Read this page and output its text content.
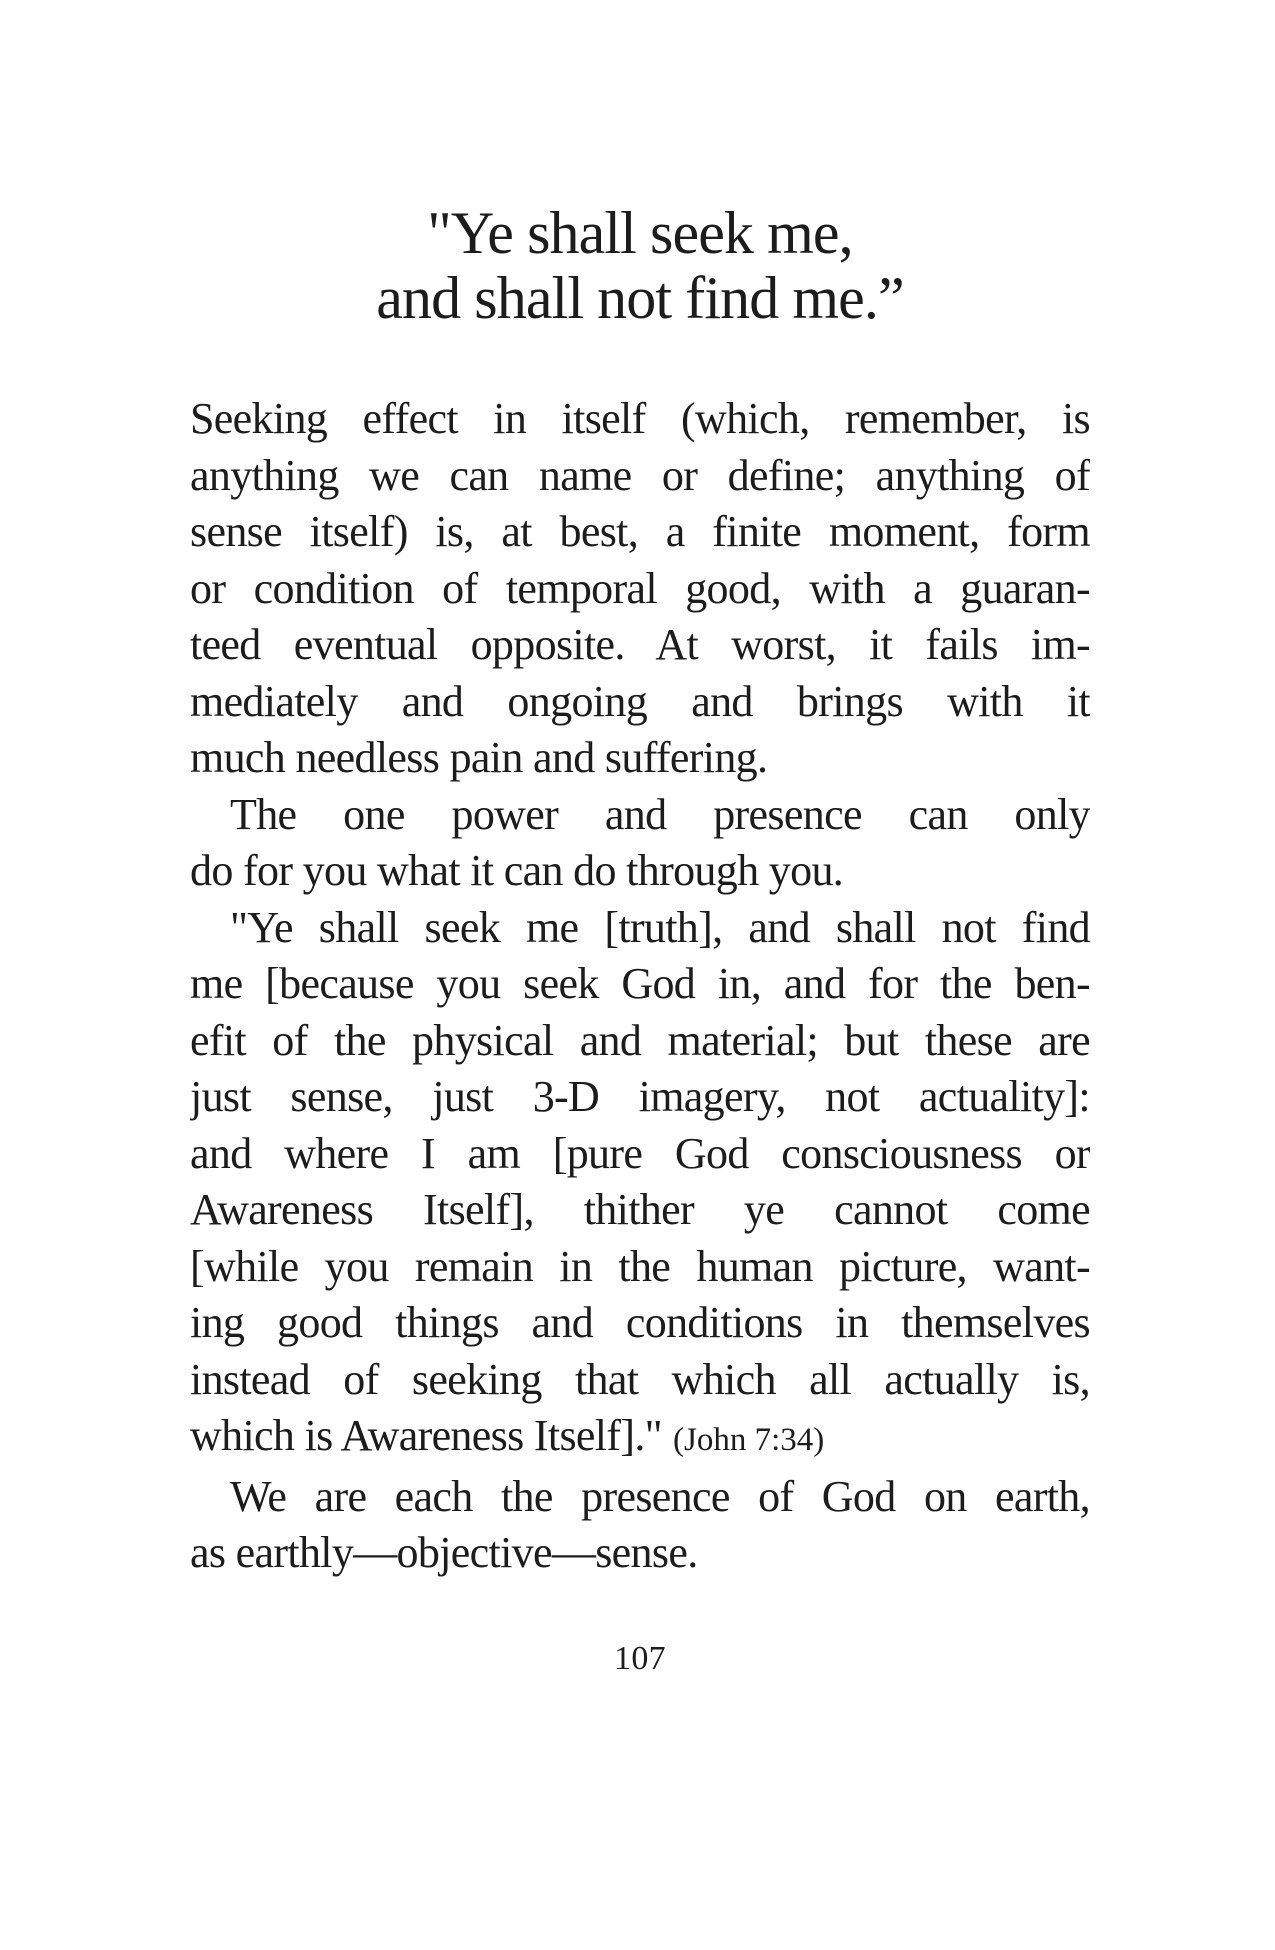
"Ye shall seek me,
and shall not find me.”
Seeking effect in itself (which, remember, is
anything we can name or define; anything of
sense itself) is, at best, a finite moment, form
or condition of temporal good, with a guaran-
teed eventual opposite. At worst, it fails im-
mediately and ongoing and brings with it
much needless pain and suffering.
The one power and presence can only
do for you what it can do through you.
"Ye shall seek me [truth], and shall not find
me [because you seek God in, and for the ben-
efit of the physical and material; but these are
just sense, just 3-D imagery, not actuality]:
and where I am [pure God consciousness or
Awareness Itself], thither ye cannot come
[while you remain in the human picture, want-
ing good things and conditions in themselves
instead of seeking that which all actually is,
which is Awareness Itself]." (John 7:34)
We are each the presence of God on earth,
as earthly—objective—sense.
107
